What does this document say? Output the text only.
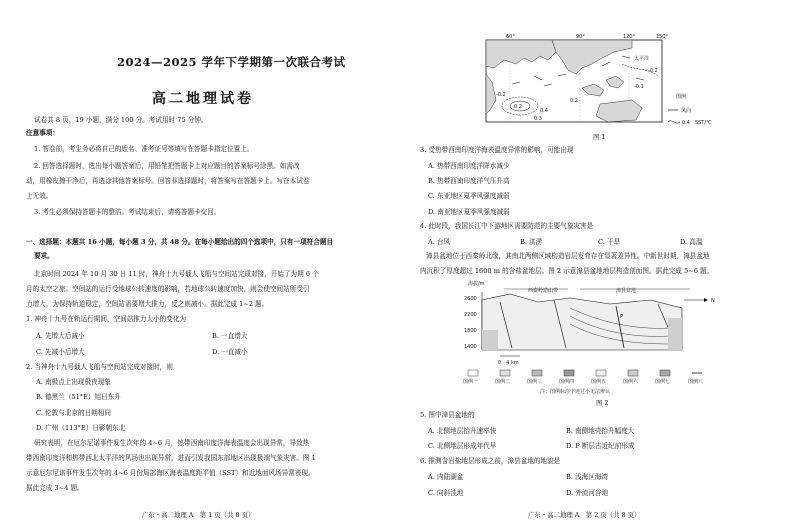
2024—2025 学年下学期第一次联合考试
高二地理试卷
试卷共 8 页，19 小题，满分 100 分。考试用时 75 分钟。
注意事项：
1. 答卷前，考生务必将自己的姓名、准考证号等填写在答题卡指定位置上。
2. 回答选择题时，选出每小题答案后，用铅笔把答题卡上对应题目的答案标号涂黑。如需改
动，用橡皮擦干净后，再选涂其他答案标号。回答非选择题时，将答案写在答题卡上。写在本试卷
上无效。
3. 考生必须保持答题卡的整洁。考试结束后，请将答题卡交回。
一、选择题：本题共 16 小题，每小题 3 分，共 48 分。在每小题给出的四个选项中，只有一项符合题目
要求。
北京时间 2024 年 10 月 30 日 11 时，神舟十九号载人飞船与空间站完成对接，开始了为期 6 个
月的太空之旅。空间站的运行受地球公转速度的影响，若地球公转速度加快，则会使空间站所受引
力增大，为保持轨道稳定，空间站需要增大推力，反之则减小。据此完成 1~2 题。
1. 神舟十九号在轨运行期间，空间站推力大小的变化为
A. 先增大后减小	B. 一直增大
C. 先减小后增大	D. 一直减小
2. 当神舟十九号载人飞船与空间站完成对接时，则
A. 南极点上出现极夜现象
B. 德黑兰（51°E）旭日东升
C. 伦敦与北京的日期相同
D. 广州（113°E）日影朝东北
研究表明，在厄尔尼诺事件发生次年的 4~6 月，热带西南印度洋海表温度会出现异常，导致热
带西南印度洋和热带西北太平洋的风场也出现异常，进而引发我国东部地区出现极端气象灾害。图 1
示意厄尔尼诺事件发生次年的 4~6 月份局部海区海表温度距平值（SST）和近地面风场异常表现。
据此完成 3~4 题。
广东・高二地理 A　第 1 页（共 8 页）
60°	90°	120°	150°
太平洋
-0.2
0.2
0.3
0.4
-0.2
-0.1
0.2
图例
风向
0.4　SST/℃
图 1
3. 受热带西南印度洋海表温度异常的影响，可能出现
A. 热带西南印度洋降水减少
B. 热带西南印度洋气压升高
C. 东亚地区夏季风强度减弱
D. 南亚地区夏季风强度减弱
4. 此时段，我国长江中下游地区需要防范的主要气象灾害是
A. 台风	B. 洪涝	C. 干旱	D. 高温
漳县盆地位于西秦岭北缘，其南北两侧区域构造岩层发育存在显著差异性。中新世时期，漳县盆地
内沉积了厚度超过 1600 m 的含盐盆地层。图 2 示意漳县盆地地层构造剖面图。据此完成 5~6 题。
海拔/m
西秦岭造山带	漳县盆地
N
2600
2200
1800
1400
P
0　4 km
图例一	图例二	图例三	图例四	图例五	图例六	图例七	图例八
注：图例标注字迹过小无法辨认
图 2
5. 图中漳县盆地的
A. 北侧地层抬升速率快	B. 南侧地壳抬升幅度大
C. 北侧地层形成年代早	D. P 断层古近纪前形成
6. 推测含岩盐地层形成之前，漳县盆地的地貌是
A. 内陆湖盆	B. 浅海区海湾
C. 向斜洼地	D. 外流河谷地
广东・高二地理 A　第 2 页（共 8 页）
